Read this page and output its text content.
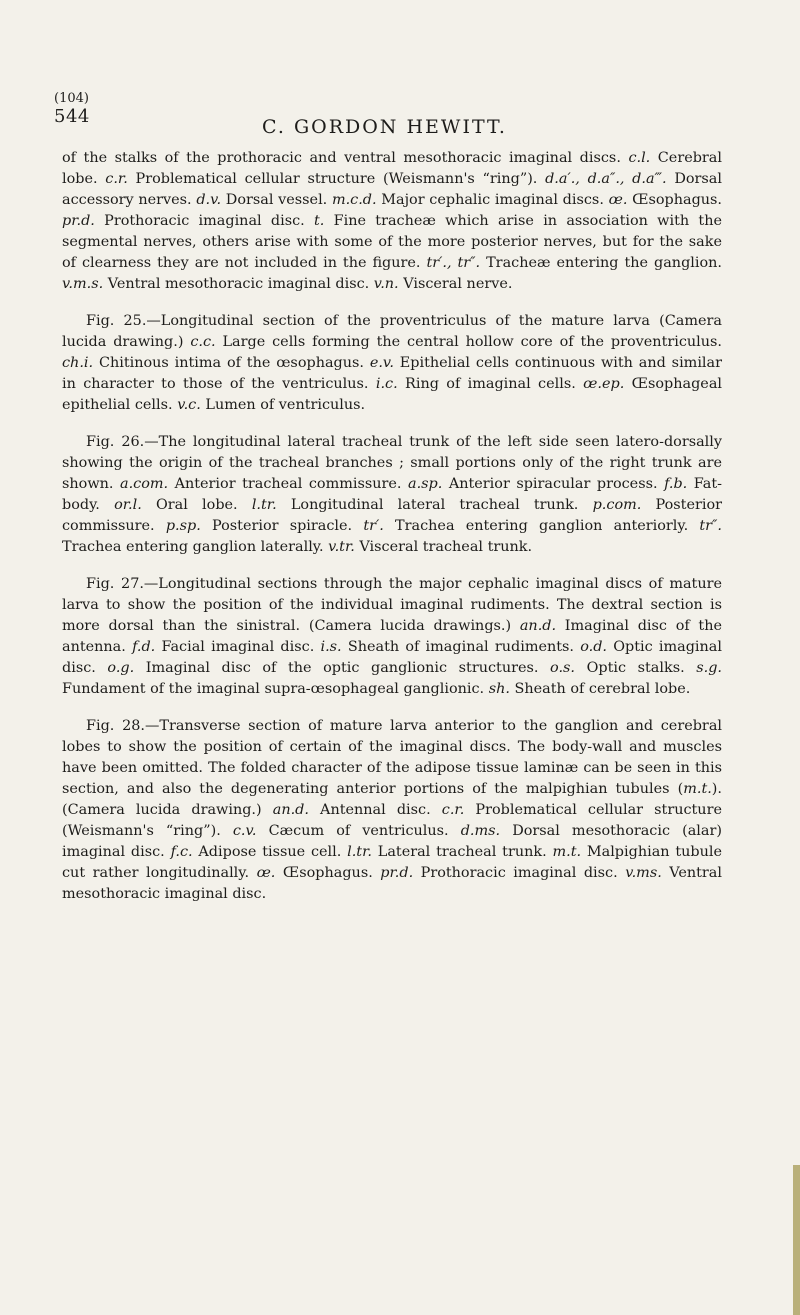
(104)
544	C. GORDON HEWITT.

of the stalks of the prothoracic and ventral mesothoracic imaginal discs. c.l. Cerebral lobe. c.r. Problematical cellular structure (Weismann's “ring”). d.a′., d.a″., d.a‴. Dorsal accessory nerves. d.v. Dorsal vessel. m.c.d. Major cephalic imaginal discs. œ. Œsophagus. pr.d. Prothoracic imaginal disc. t. Fine tracheæ which arise in association with the segmental nerves, others arise with some of the more posterior nerves, but for the sake of clearness they are not included in the figure. tr′., tr″. Tracheæ entering the ganglion. v.m.s. Ventral mesothoracic imaginal disc. v.n. Visceral nerve.

Fig. 25.—Longitudinal section of the proventriculus of the mature larva (Camera lucida drawing.) c.c. Large cells forming the central hollow core of the proventriculus. ch.i. Chitinous intima of the œsophagus. e.v. Epithelial cells continuous with and similar in character to those of the ventriculus. i.c. Ring of imaginal cells. œ.ep. Œsophageal epithelial cells. v.c. Lumen of ventriculus.

Fig. 26.—The longitudinal lateral tracheal trunk of the left side seen latero-dorsally showing the origin of the tracheal branches ; small portions only of the right trunk are shown. a.com. Anterior tracheal commissure. a.sp. Anterior spiracular process. f.b. Fat-body. or.l. Oral lobe. l.tr. Longitudinal lateral tracheal trunk. p.com. Posterior commissure. p.sp. Posterior spiracle. tr′. Trachea entering ganglion anteriorly. tr″. Trachea entering ganglion laterally. v.tr. Visceral tracheal trunk.

Fig. 27.—Longitudinal sections through the major cephalic imaginal discs of mature larva to show the position of the individual imaginal rudiments. The dextral section is more dorsal than the sinistral. (Camera lucida drawings.) an.d. Imaginal disc of the antenna. f.d. Facial imaginal disc. i.s. Sheath of imaginal rudiments. o.d. Optic imaginal disc. o.g. Imaginal disc of the optic ganglionic structures. o.s. Optic stalks. s.g. Fundament of the imaginal supra-œsophageal ganglionic. sh. Sheath of cerebral lobe.

Fig. 28.—Transverse section of mature larva anterior to the ganglion and cerebral lobes to show the position of certain of the imaginal discs. The body-wall and muscles have been omitted. The folded character of the adipose tissue laminæ can be seen in this section, and also the degenerating anterior portions of the malpighian tubules (m.t.). (Camera lucida drawing.) an.d. Antennal disc. c.r. Problematical cellular structure (Weismann's “ring”). c.v. Cæcum of ventriculus. d.ms. Dorsal mesothoracic (alar) imaginal disc. f.c. Adipose tissue cell. l.tr. Lateral tracheal trunk. m.t. Malpighian tubule cut rather longitudinally. œ. Œsophagus. pr.d. Prothoracic imaginal disc. v.ms. Ventral mesothoracic imaginal disc.
